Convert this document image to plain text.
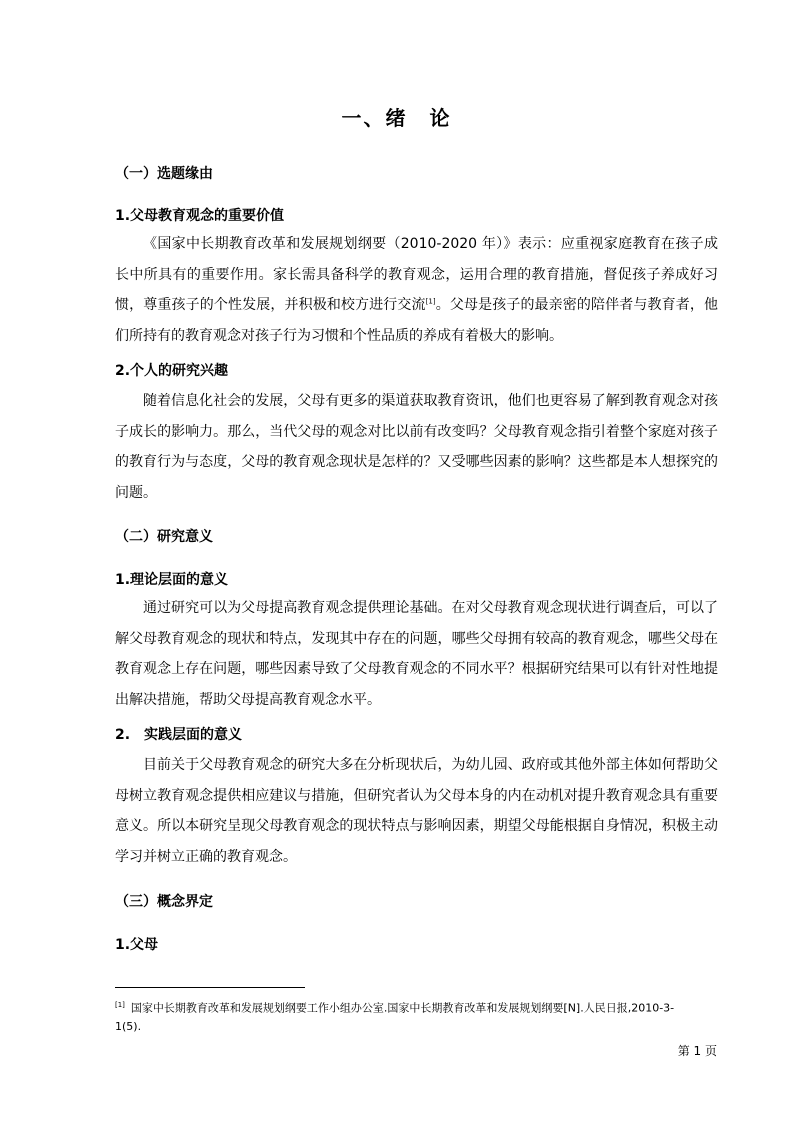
一、绪　论
（一）选题缘由
1.父母教育观念的重要价值
《国家中长期教育改革和发展规划纲要（2010-2020 年）》表示：应重视家庭教育在孩子成长中所具有的重要作用。家长需具备科学的教育观念，运用合理的教育措施，督促孩子养成好习惯，尊重孩子的个性发展，并积极和校方进行交流[1]。父母是孩子的最亲密的陪伴者与教育者，他们所持有的教育观念对孩子行为习惯和个性品质的养成有着极大的影响。
2.个人的研究兴趣
随着信息化社会的发展，父母有更多的渠道获取教育资讯，他们也更容易了解到教育观念对孩子成长的影响力。那么，当代父母的观念对比以前有改变吗？父母教育观念指引着整个家庭对孩子的教育行为与态度，父母的教育观念现状是怎样的？又受哪些因素的影响？这些都是本人想探究的问题。
（二）研究意义
1.理论层面的意义
通过研究可以为父母提高教育观念提供理论基础。在对父母教育观念现状进行调查后，可以了解父母教育观念的现状和特点，发现其中存在的问题，哪些父母拥有较高的教育观念，哪些父母在教育观念上存在问题，哪些因素导致了父母教育观念的不同水平？根据研究结果可以有针对性地提出解决措施，帮助父母提高教育观念水平。
2.　实践层面的意义
目前关于父母教育观念的研究大多在分析现状后，为幼儿园、政府或其他外部主体如何帮助父母树立教育观念提供相应建议与措施，但研究者认为父母本身的内在动机对提升教育观念具有重要意义。所以本研究呈现父母教育观念的现状特点与影响因素，期望父母能根据自身情况，积极主动学习并树立正确的教育观念。
（三）概念界定
1.父母
[1] 国家中长期教育改革和发展规划纲要工作小组办公室.国家中长期教育改革和发展规划纲要[N].人民日报,2010-3-1(5).
第 1 页
